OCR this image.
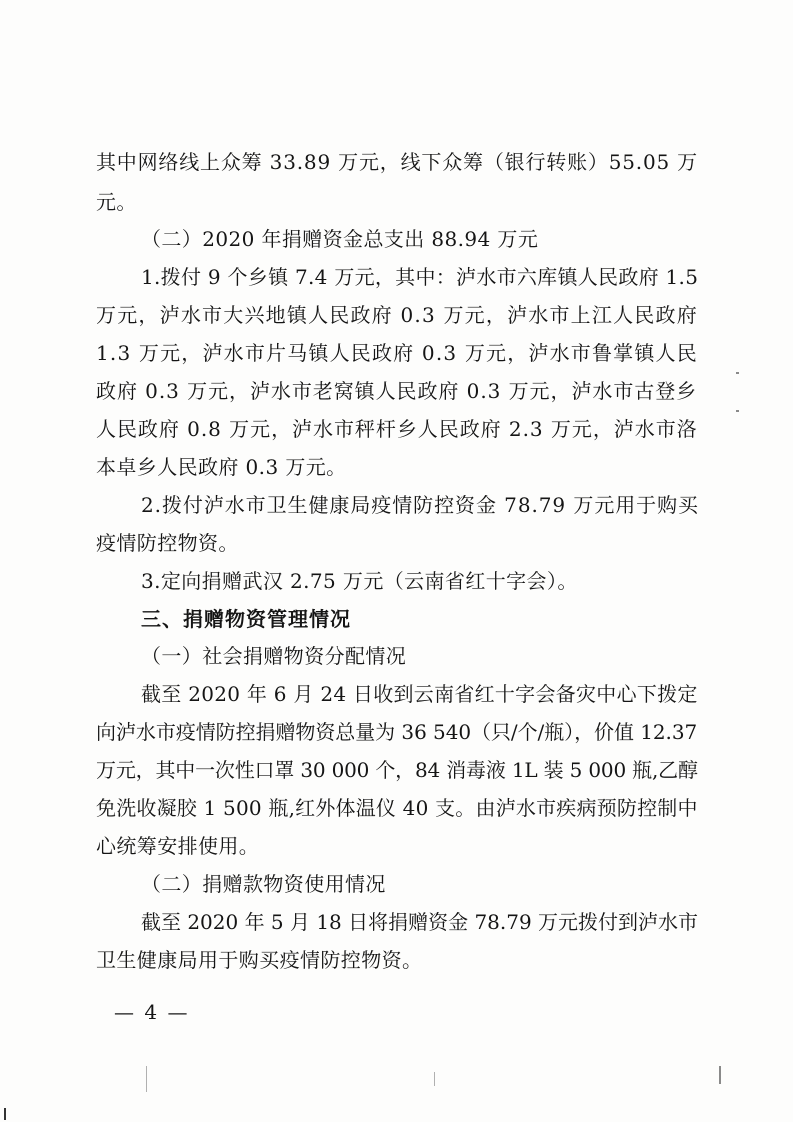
其中网络线上众筹 33.89 万元，线下众筹（银行转账）55.05 万
元。
（二）2020 年捐赠资金总支出 88.94 万元
1.拨付 9 个乡镇 7.4 万元，其中：泸水市六库镇人民政府 1.5
万元，泸水市大兴地镇人民政府 0.3 万元，泸水市上江人民政府
1.3 万元，泸水市片马镇人民政府 0.3 万元，泸水市鲁掌镇人民
政府 0.3 万元，泸水市老窝镇人民政府 0.3 万元，泸水市古登乡
人民政府 0.8 万元，泸水市秤杆乡人民政府 2.3 万元，泸水市洛
本卓乡人民政府 0.3 万元。
2.拨付泸水市卫生健康局疫情防控资金 78.79 万元用于购买
疫情防控物资。
3.定向捐赠武汉 2.75 万元（云南省红十字会）。
三、捐赠物资管理情况
（一）社会捐赠物资分配情况
截至 2020 年 6 月 24 日收到云南省红十字会备灾中心下拨定
向泸水市疫情防控捐赠物资总量为 36 540（只/个/瓶），价值 12.37
万元，其中一次性口罩 30 000 个，84 消毒液 1L 装 5 000 瓶,乙醇
免洗收凝胶 1 500 瓶,红外体温仪 40 支。由泸水市疾病预防控制中
心统筹安排使用。
（二）捐赠款物资使用情况
截至 2020 年 5 月 18 日将捐赠资金 78.79 万元拨付到泸水市
卫生健康局用于购买疫情防控物资。
— 4 —
